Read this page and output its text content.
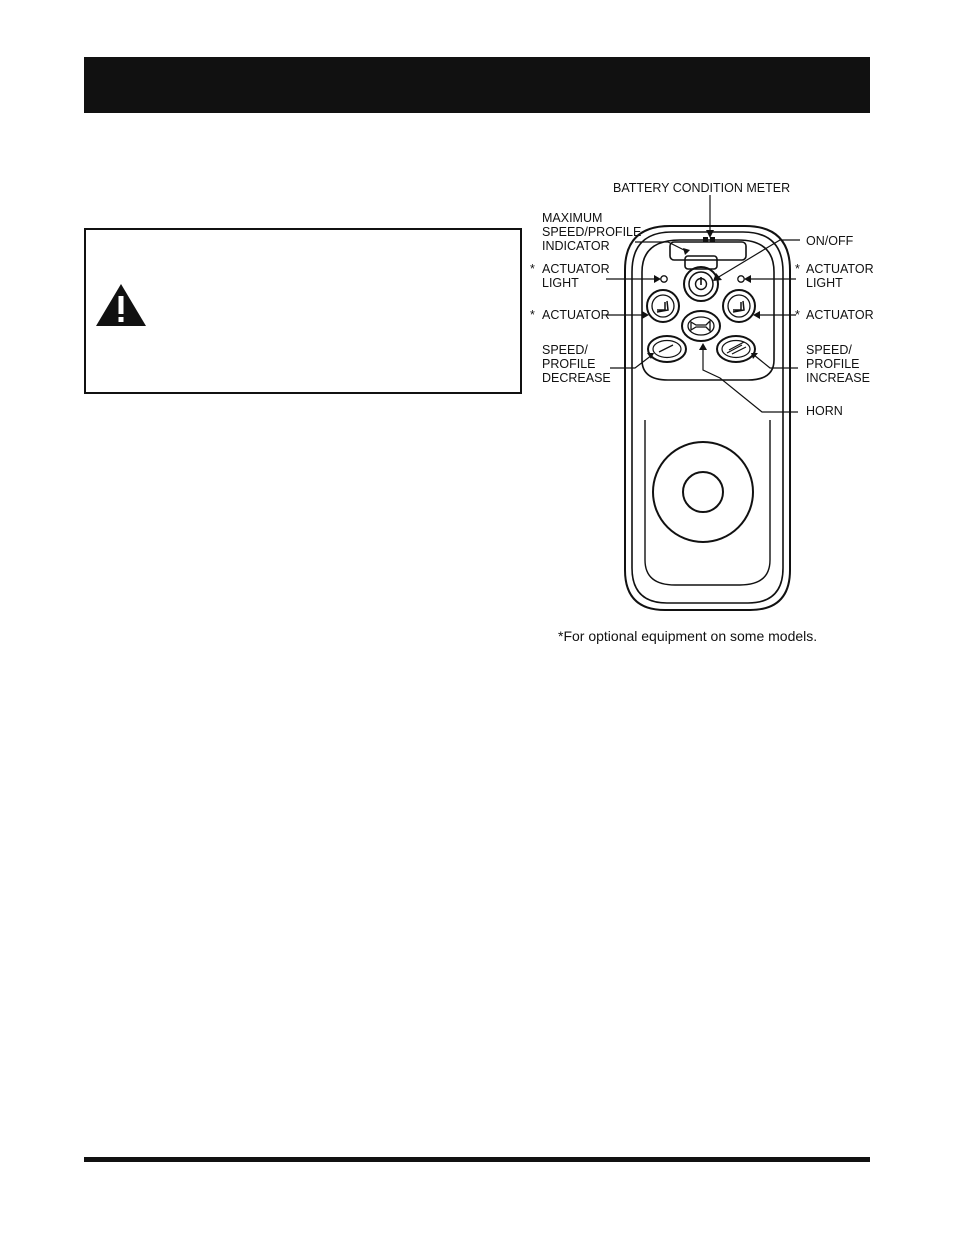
BATTERY CONDITION METER
MAXIMUM
SPEED/PROFILE
INDICATOR	ON/OFF
* ACTUATOR
LIGHT
* ACTUATOR
LIGHT
* ACTUATOR	* ACTUATOR
SPEED/
PROFILE
DECREASE
SPEED/
PROFILE
INCREASE
HORN
*For optional equipment on some models.
